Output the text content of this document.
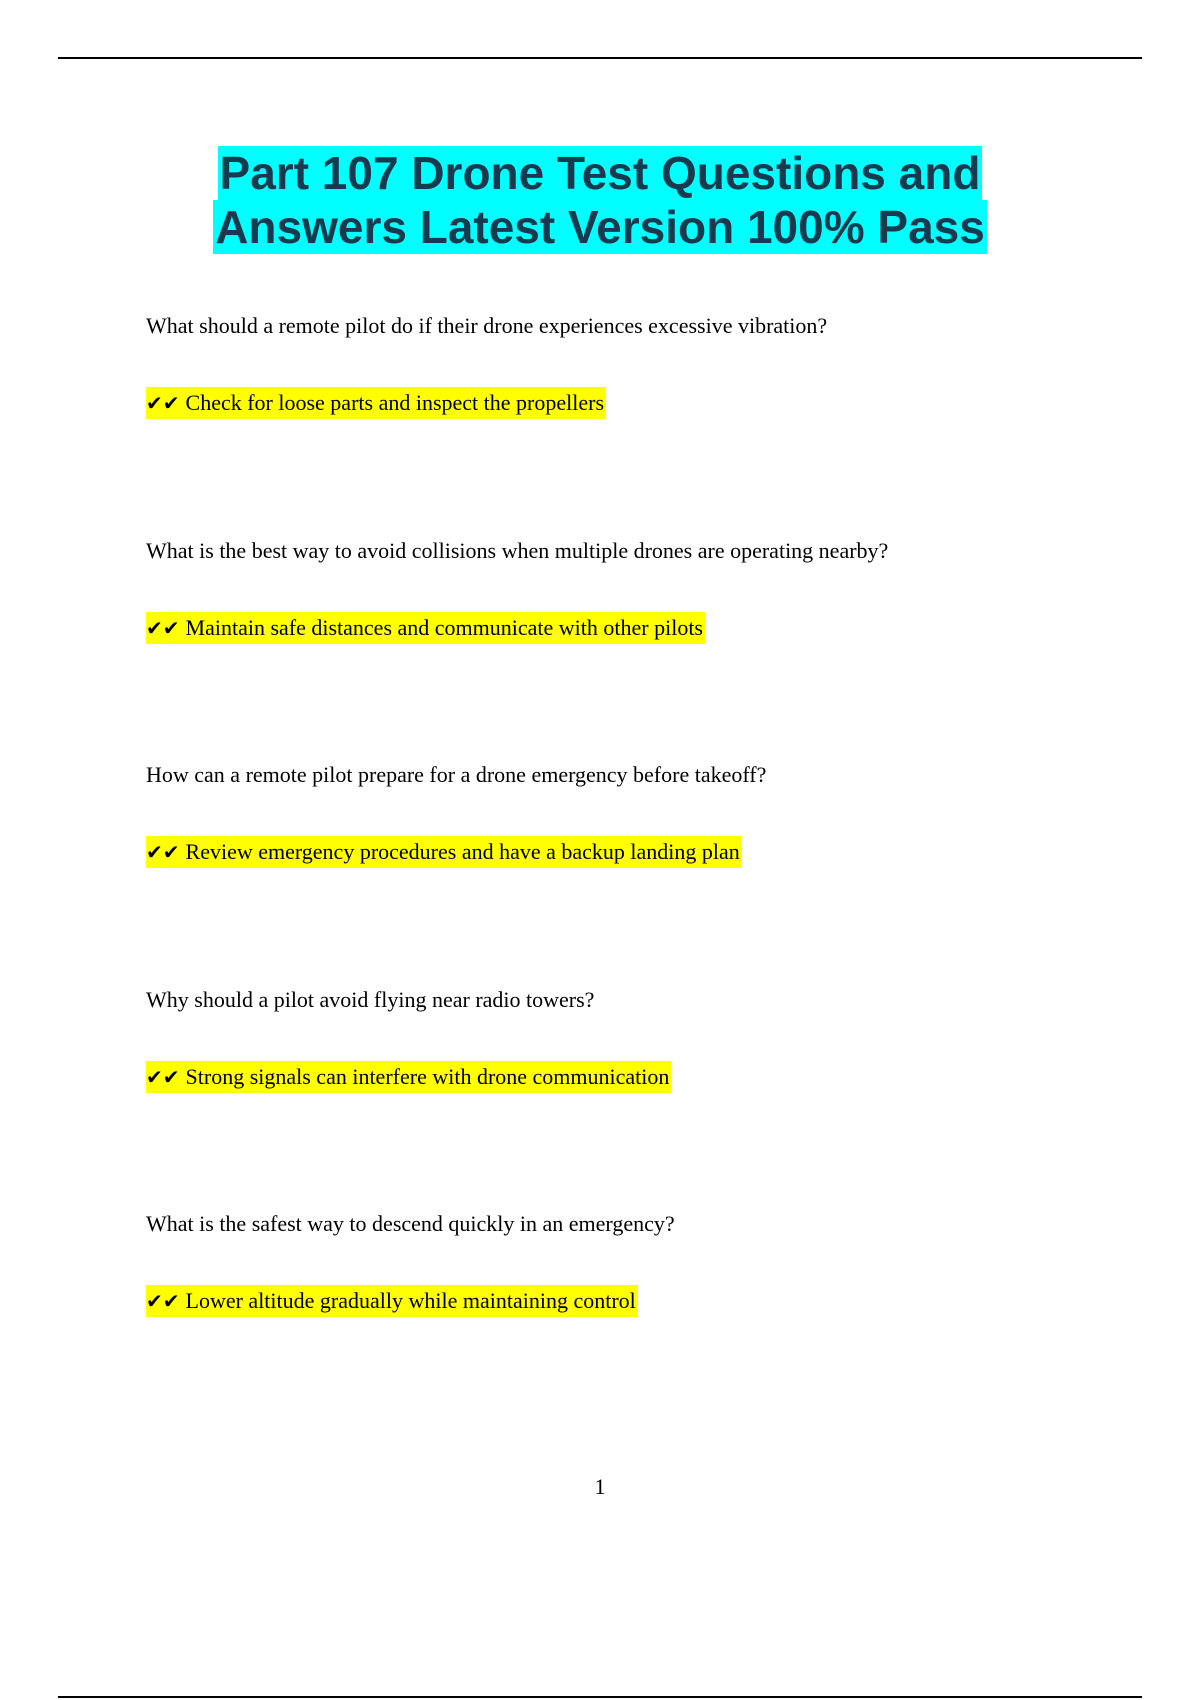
Part 107 Drone Test Questions and
Answers Latest Version 100% Pass

What should a remote pilot do if their drone experiences excessive vibration?

✔✔ Check for loose parts and inspect the propellers

What is the best way to avoid collisions when multiple drones are operating nearby?

✔✔ Maintain safe distances and communicate with other pilots

How can a remote pilot prepare for a drone emergency before takeoff?

✔✔ Review emergency procedures and have a backup landing plan

Why should a pilot avoid flying near radio towers?

✔✔ Strong signals can interfere with drone communication

What is the safest way to descend quickly in an emergency?

✔✔ Lower altitude gradually while maintaining control
1
